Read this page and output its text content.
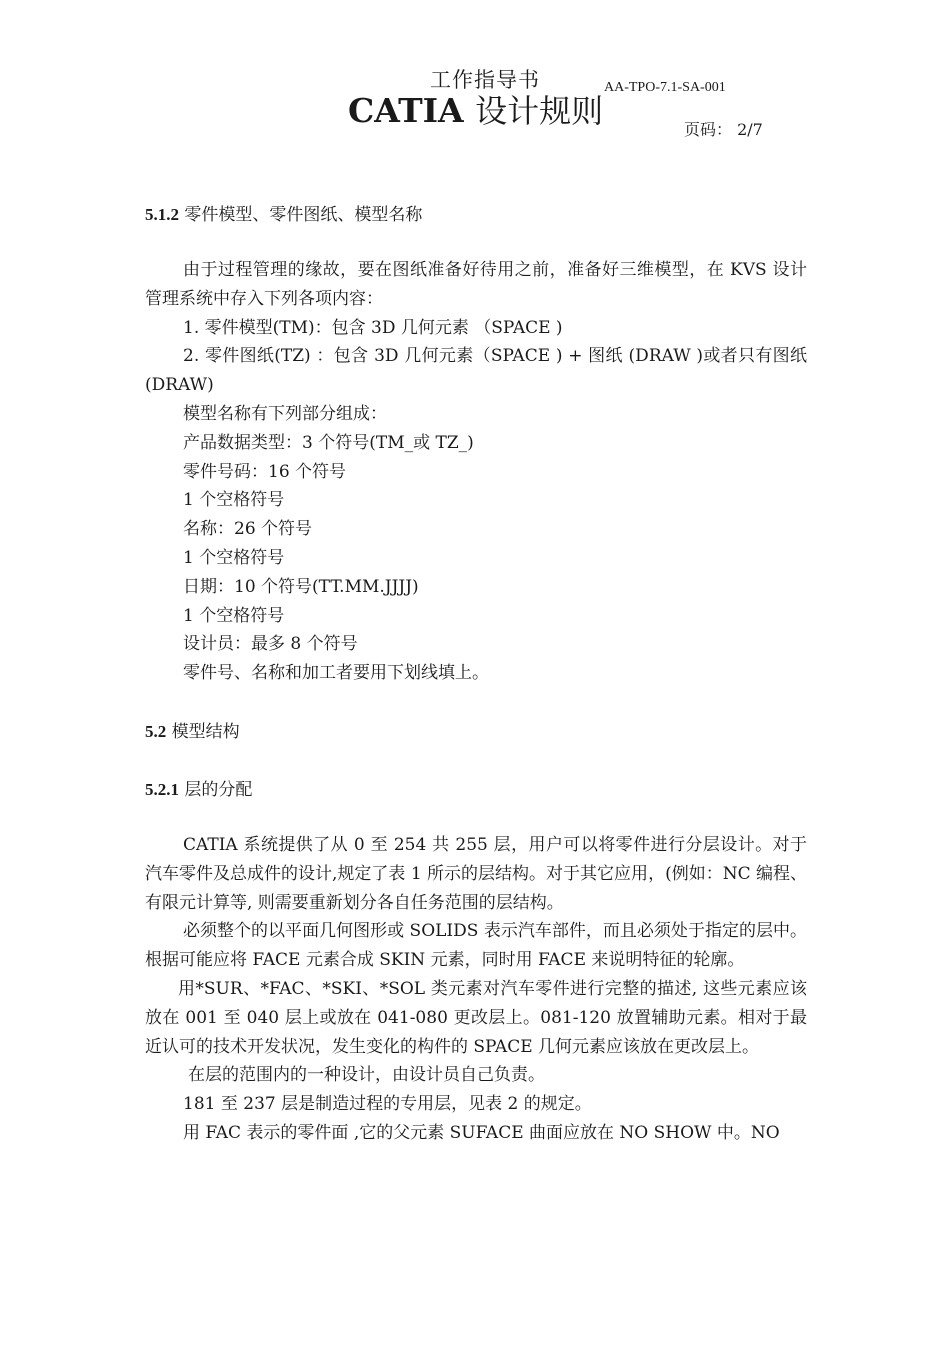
工作指导书
CATIA 设计规则
AA-TPO-7.1-SA-001
页码： 2/7
5.1.2 零件模型、零件图纸、模型名称

由于过程管理的缘故，要在图纸准备好待用之前，准备好三维模型，在 KVS 设计管理系统中存入下列各项内容：

1. 零件模型(TM)：包含 3D 几何元素 （SPACE )

2. 零件图纸(TZ) ：包含 3D 几何元素（SPACE ) + 图纸 (DRAW )或者只有图纸(DRAW)

模型名称有下列部分组成：

产品数据类型：3 个符号(TM_或 TZ_)

零件号码：16 个符号

1 个空格符号

名称：26 个符号

1 个空格符号

日期：10 个符号(TT.MM.JJJJ)

1 个空格符号

设计员：最多 8 个符号

零件号、名称和加工者要用下划线填上。

5.2 模型结构
5.2.1 层的分配

CATIA 系统提供了从 0 至 254 共 255 层，用户可以将零件进行分层设计。对于汽车零件及总成件的设计,规定了表 1 所示的层结构。对于其它应用，(例如：NC 编程、有限元计算等, 则需要重新划分各自任务范围的层结构。

必须整个的以平面几何图形或 SOLIDS 表示汽车部件，而且必须处于指定的层中。根据可能应将 FACE 元素合成 SKIN 元素，同时用 FACE 来说明特征的轮廓。

用*SUR、*FAC、*SKI、*SOL 类元素对汽车零件进行完整的描述, 这些元素应该放在 001 至 040 层上或放在 041-080 更改层上。081-120 放置辅助元素。相对于最近认可的技术开发状况，发生变化的构件的 SPACE 几何元素应该放在更改层上。

在层的范围内的一种设计，由设计员自己负责。

181 至 237 层是制造过程的专用层，见表 2 的规定。

用 FAC 表示的零件面 ,它的父元素 SUFACE 曲面应放在 NO SHOW 中。NO
